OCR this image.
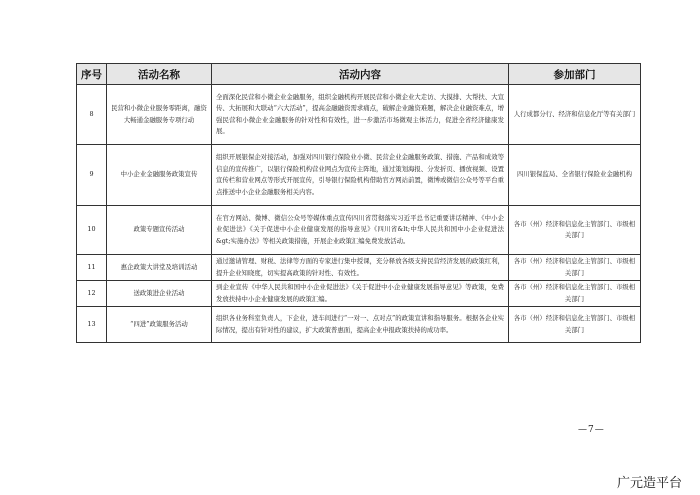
序号	活动名称	活动内容	参加部门
8	民营和小微企业服务零距离，融资大畅通金融服务专项行动	全面深化民营和小微企业金融服务，组织金融机构开展民营和小微企业大走访、大摸排、大帮扶、大宣传、大拓展和大联动“六大活动”，提高金融融资需求痛点，破解企业融资难题，解决企业融资难点，增强民营和小微企业金融服务的针对性和有效性，进一步激活市场微观主体活力，促进全省经济健康发展。	人行成都分行、经济和信息化厅等有关部门
9	中小企业金融服务政策宣传	组织开展银保企对接活动，加强对四川银行保险业小微、民营企业金融服务政策、措施、产品和成效等信息的宣传推广，以银行保险机构营业网点为宣传主阵地，通过策划海报、分发折页、播放视频、设置宣传栏和营业网点等形式开展宣传，引导银行保险机构借助官方网站前置，微博或微信公众号等平台重点推送中小企业金融服务相关内容。	四川银保监局、全省银行保险业金融机构
10	政策专题宣传活动	在官方网站、微博、微信公众号等媒体重点宣传四川省贯彻落实习近平总书记重要讲话精神、《中小企业促进法》《关于促进中小企业健康发展的指导意见》《四川省&lt;中华人民共和国中小企业促进法&gt;实施办法》等相关政策措施，开展企业政策汇编免费发放活动。	各市（州）经济和信息化主管部门、市级相关部门
11	惠企政策大讲堂及培训活动	通过邀请管理、财税、法律等方面的专家进行集中授课，充分释放各级支持民营经济发展的政策红利，提升企业知晓度，切实提高政策的针对性、有效性。	各市（州）经济和信息化主管部门、市级相关部门
12	送政策进企业活动	到企业宣传《中华人民共和国中小企业促进法》《关于促进中小企业健康发展指导意见》等政策，免费发放扶持中小企业健康发展的政策汇编。	各市（州）经济和信息化主管部门、市级相关部门
13	“四进”政策服务活动	组织各业务科室负责人，下企业，进车间进行“一对一、点对点”的政策宣讲和指导服务。根据各企业实际情况，提出有针对性的建议，扩大政策普惠面，提高企业申报政策扶持的成功率。	各市（州）经济和信息化主管部门、市级相关部门
—7—
广元造平台
